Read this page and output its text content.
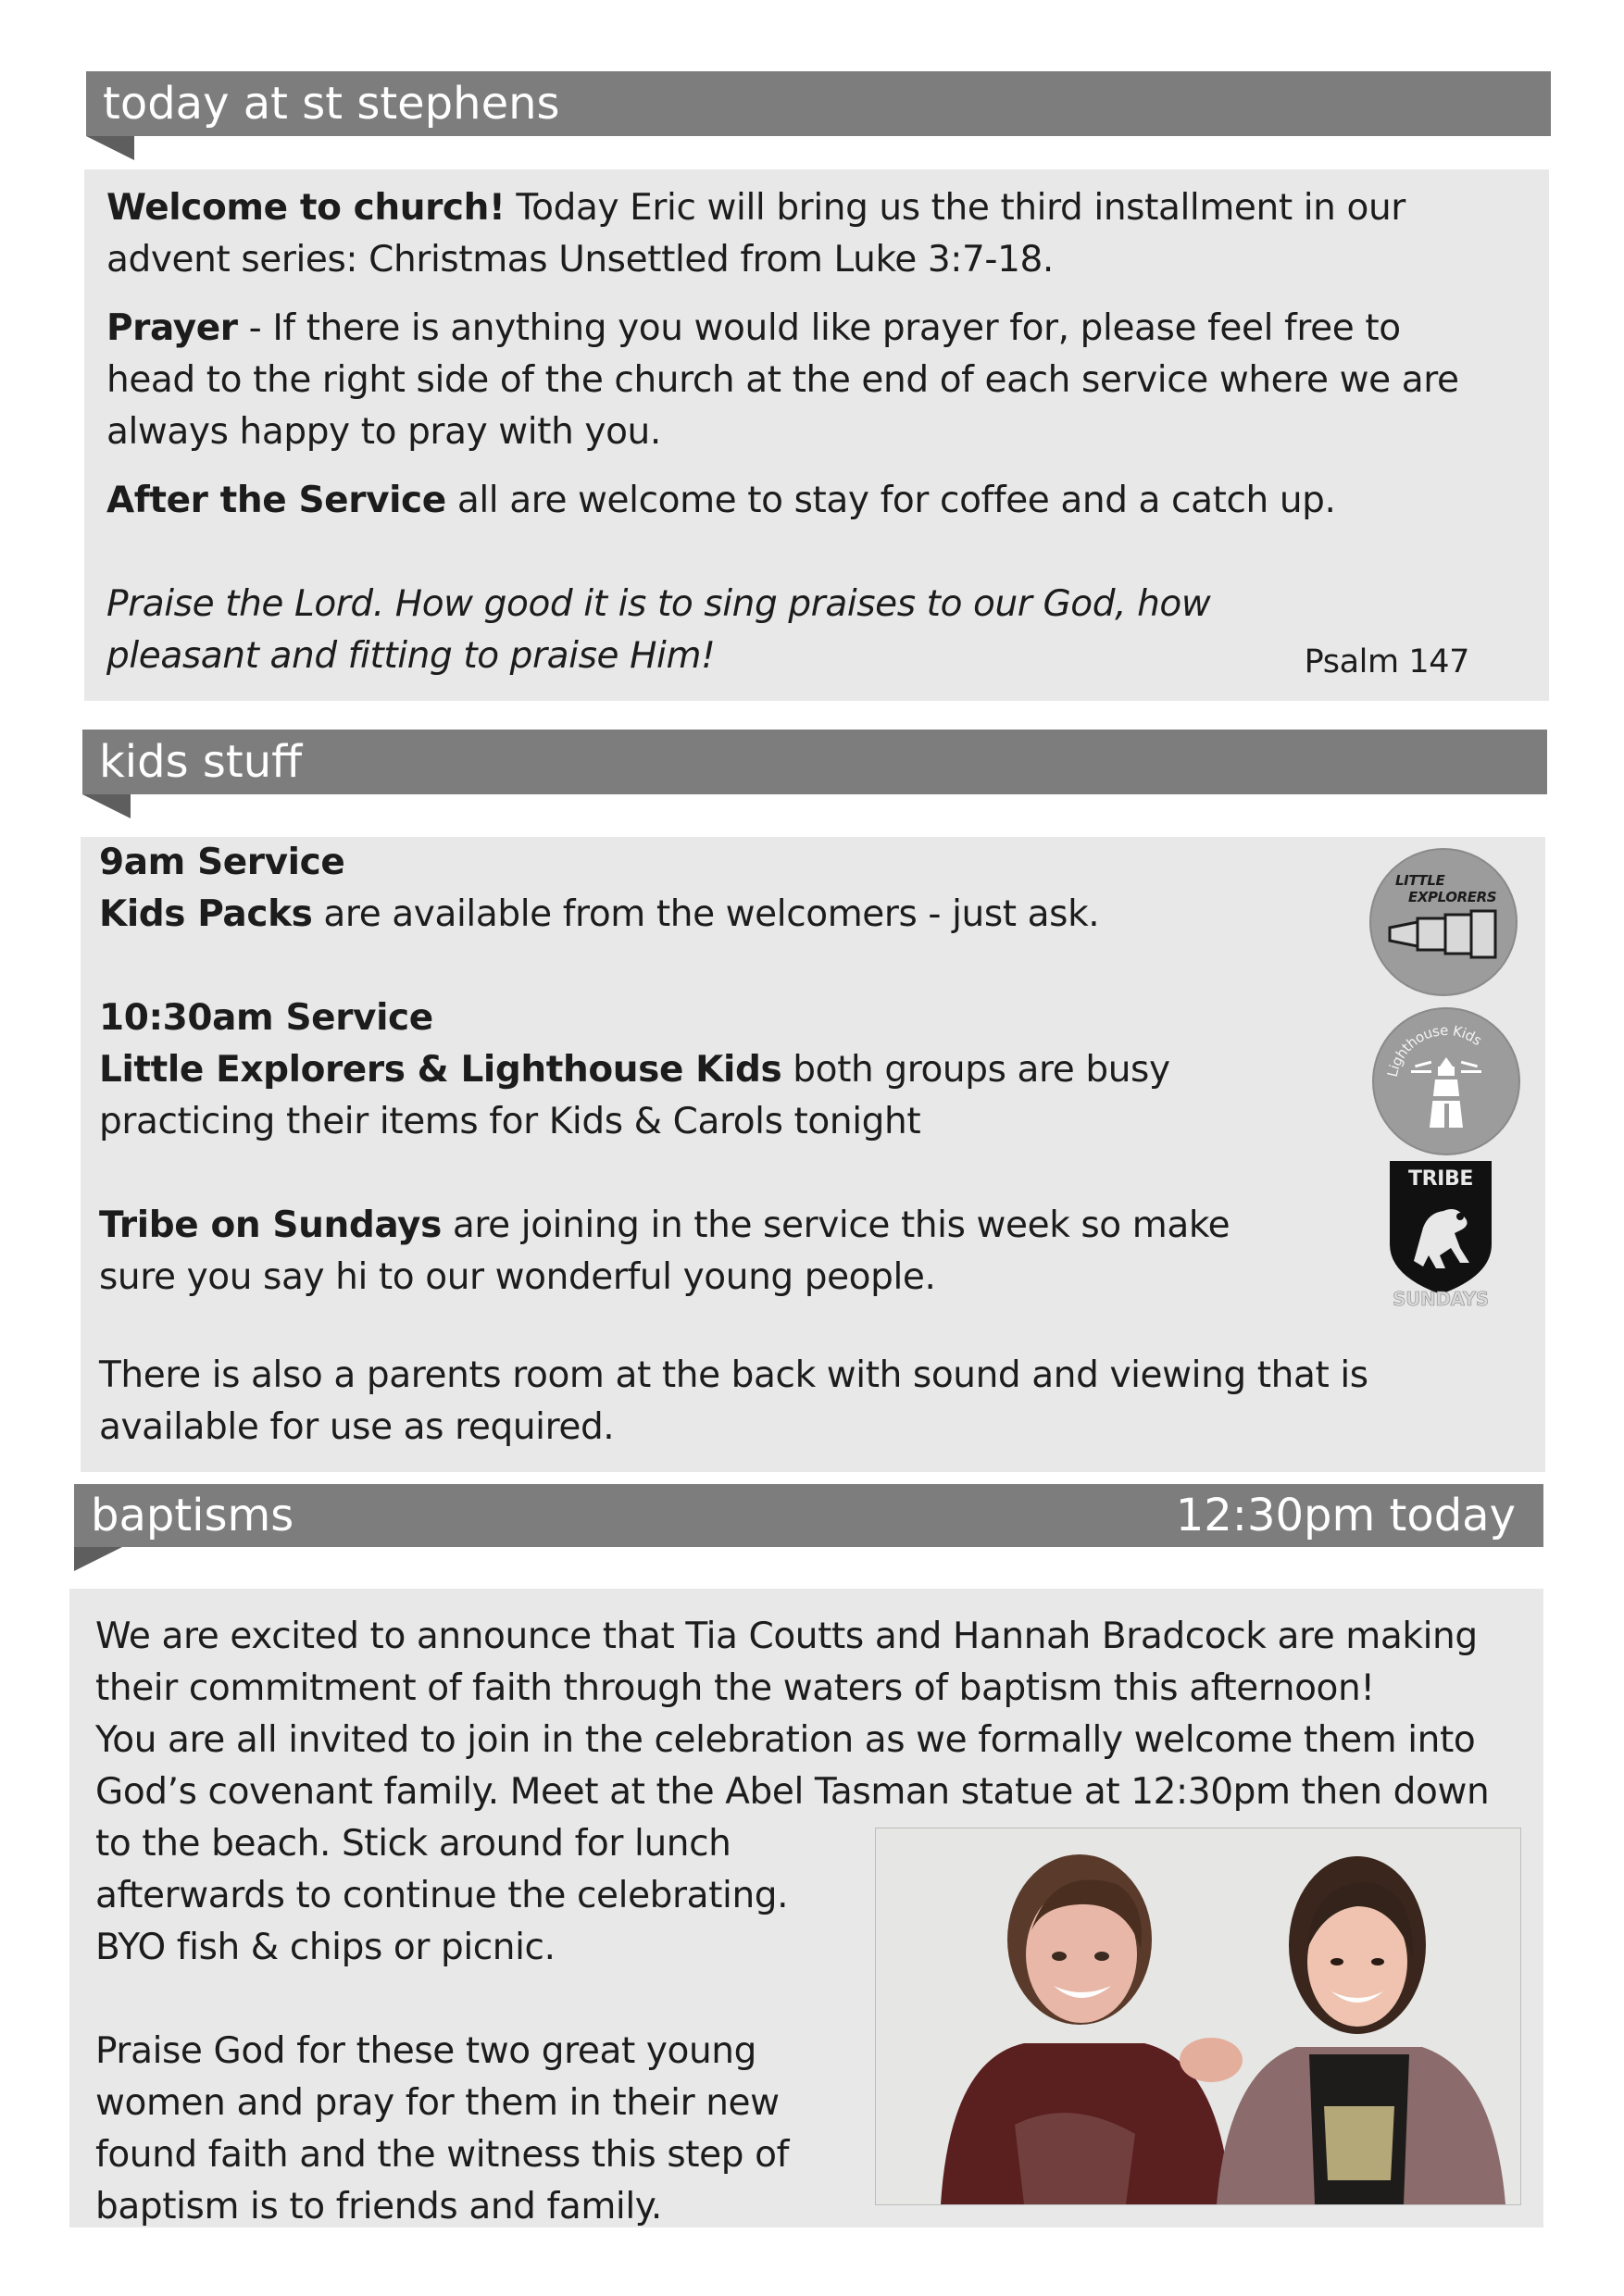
today at st stephens

Welcome to church! Today Eric will bring us the third installment in our advent series: Christmas Unsettled from Luke 3:7-18.

Prayer - If there is anything you would like prayer for, please feel free to head to the right side of the church at the end of each service where we are always happy to pray with you.

After the Service all are welcome to stay for coffee and a catch up.

Praise the Lord. How good it is to sing praises to our God, how pleasant and fitting to praise Him!	Psalm 147
kids stuff

9am Service
Kids Packs are available from the welcomers - just ask.

10:30am Service
Little Explorers & Lighthouse Kids both groups are busy practicing their items for Kids & Carols tonight

Tribe on Sundays are joining in the service this week so make sure you say hi to our wonderful young people.

There is also a parents room at the back with sound and viewing that is available for use as required.

LITTLE
EXPLORERS
Lighthouse Kids
TRIBE
SUNDAYS
baptisms	12:30pm today

We are excited to announce that Tia Coutts and Hannah Bradcock are making their commitment of faith through the waters of baptism this afternoon!
You are all invited to join in the celebration as we formally welcome them into God’s covenant family. Meet at the Abel Tasman statue at 12:30pm then down

to the beach. Stick around for lunch afterwards to continue the celebrating. BYO fish & chips or picnic.

Praise God for these two great young women and pray for them in their new found faith and the witness this step of baptism is to friends and family.
